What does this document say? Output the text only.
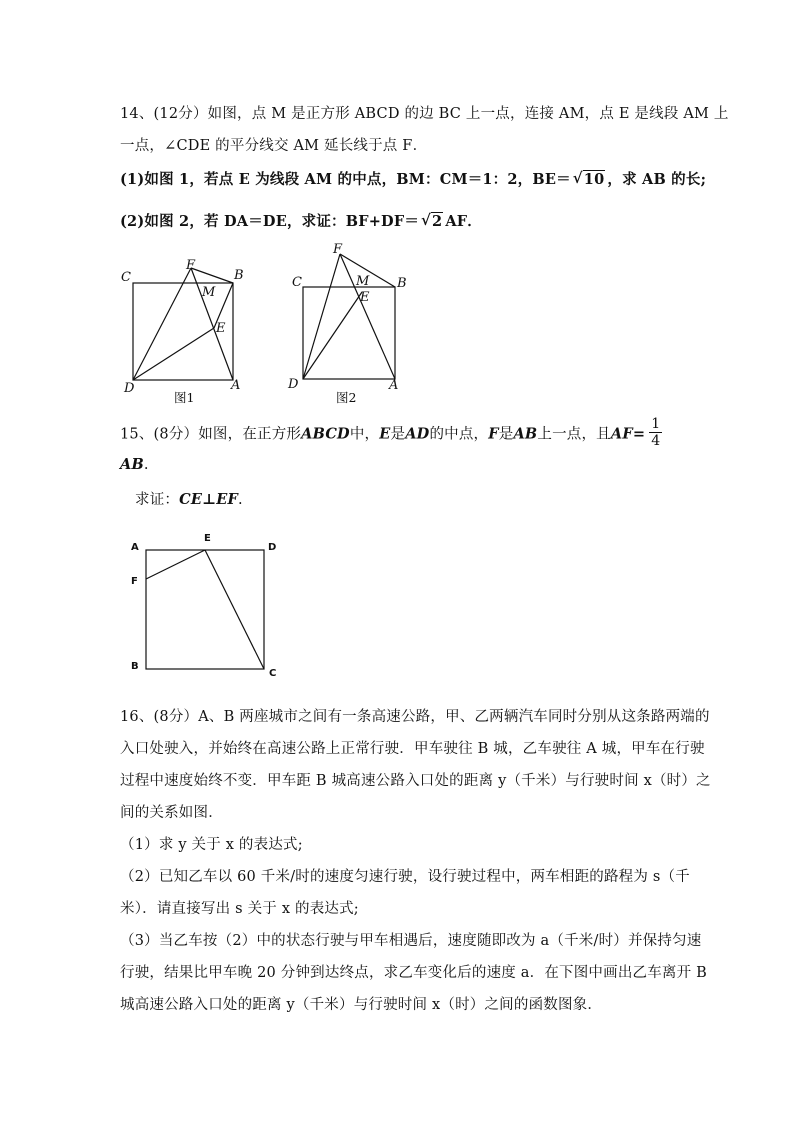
14、(12分）如图，点 M 是正方形 ABCD 的边 BC 上一点，连接 AM，点 E 是线段 AM 上
一点，∠CDE 的平分线交 AM 延长线于点 F．
(1)如图 1，若点 E 为线段 AM 的中点，BM：CM＝1：2，BE＝ √ 10 ，求 AB 的长;
(2)如图 2，若 DA＝DE，求证：BF+DF＝ √ 2 AF．
C
F
B
M
E
D	A
图1
F
C	M B
E
D	A
图2
15、(8分）如图，在正方形ABCD中，E是AD的中点，F是AB上一点，且$AF= \frac{1}{4}$
AB.
求证：CE⊥EF.
A
E
D
F
B
C
16、(8分）A、B 两座城市之间有一条高速公路，甲、乙两辆汽车同时分别从这条路两端的
入口处驶入，并始终在高速公路上正常行驶．甲车驶往 B 城，乙车驶往 A 城，甲车在行驶
过程中速度始终不变．甲车距 B 城高速公路入口处的距离 y（千米）与行驶时间 x（时）之
间的关系如图．
（1）求 y 关于 x 的表达式;
（2）已知乙车以 60 千米/时的速度匀速行驶，设行驶过程中，两车相距的路程为 s（千
米）．请直接写出 s 关于 x 的表达式;
（3）当乙车按（2）中的状态行驶与甲车相遇后，速度随即改为 a（千米/时）并保持匀速
行驶，结果比甲车晚 20 分钟到达终点，求乙车变化后的速度 a．在下图中画出乙车离开 B
城高速公路入口处的距离 y（千米）与行驶时间 x（时）之间的函数图象．
